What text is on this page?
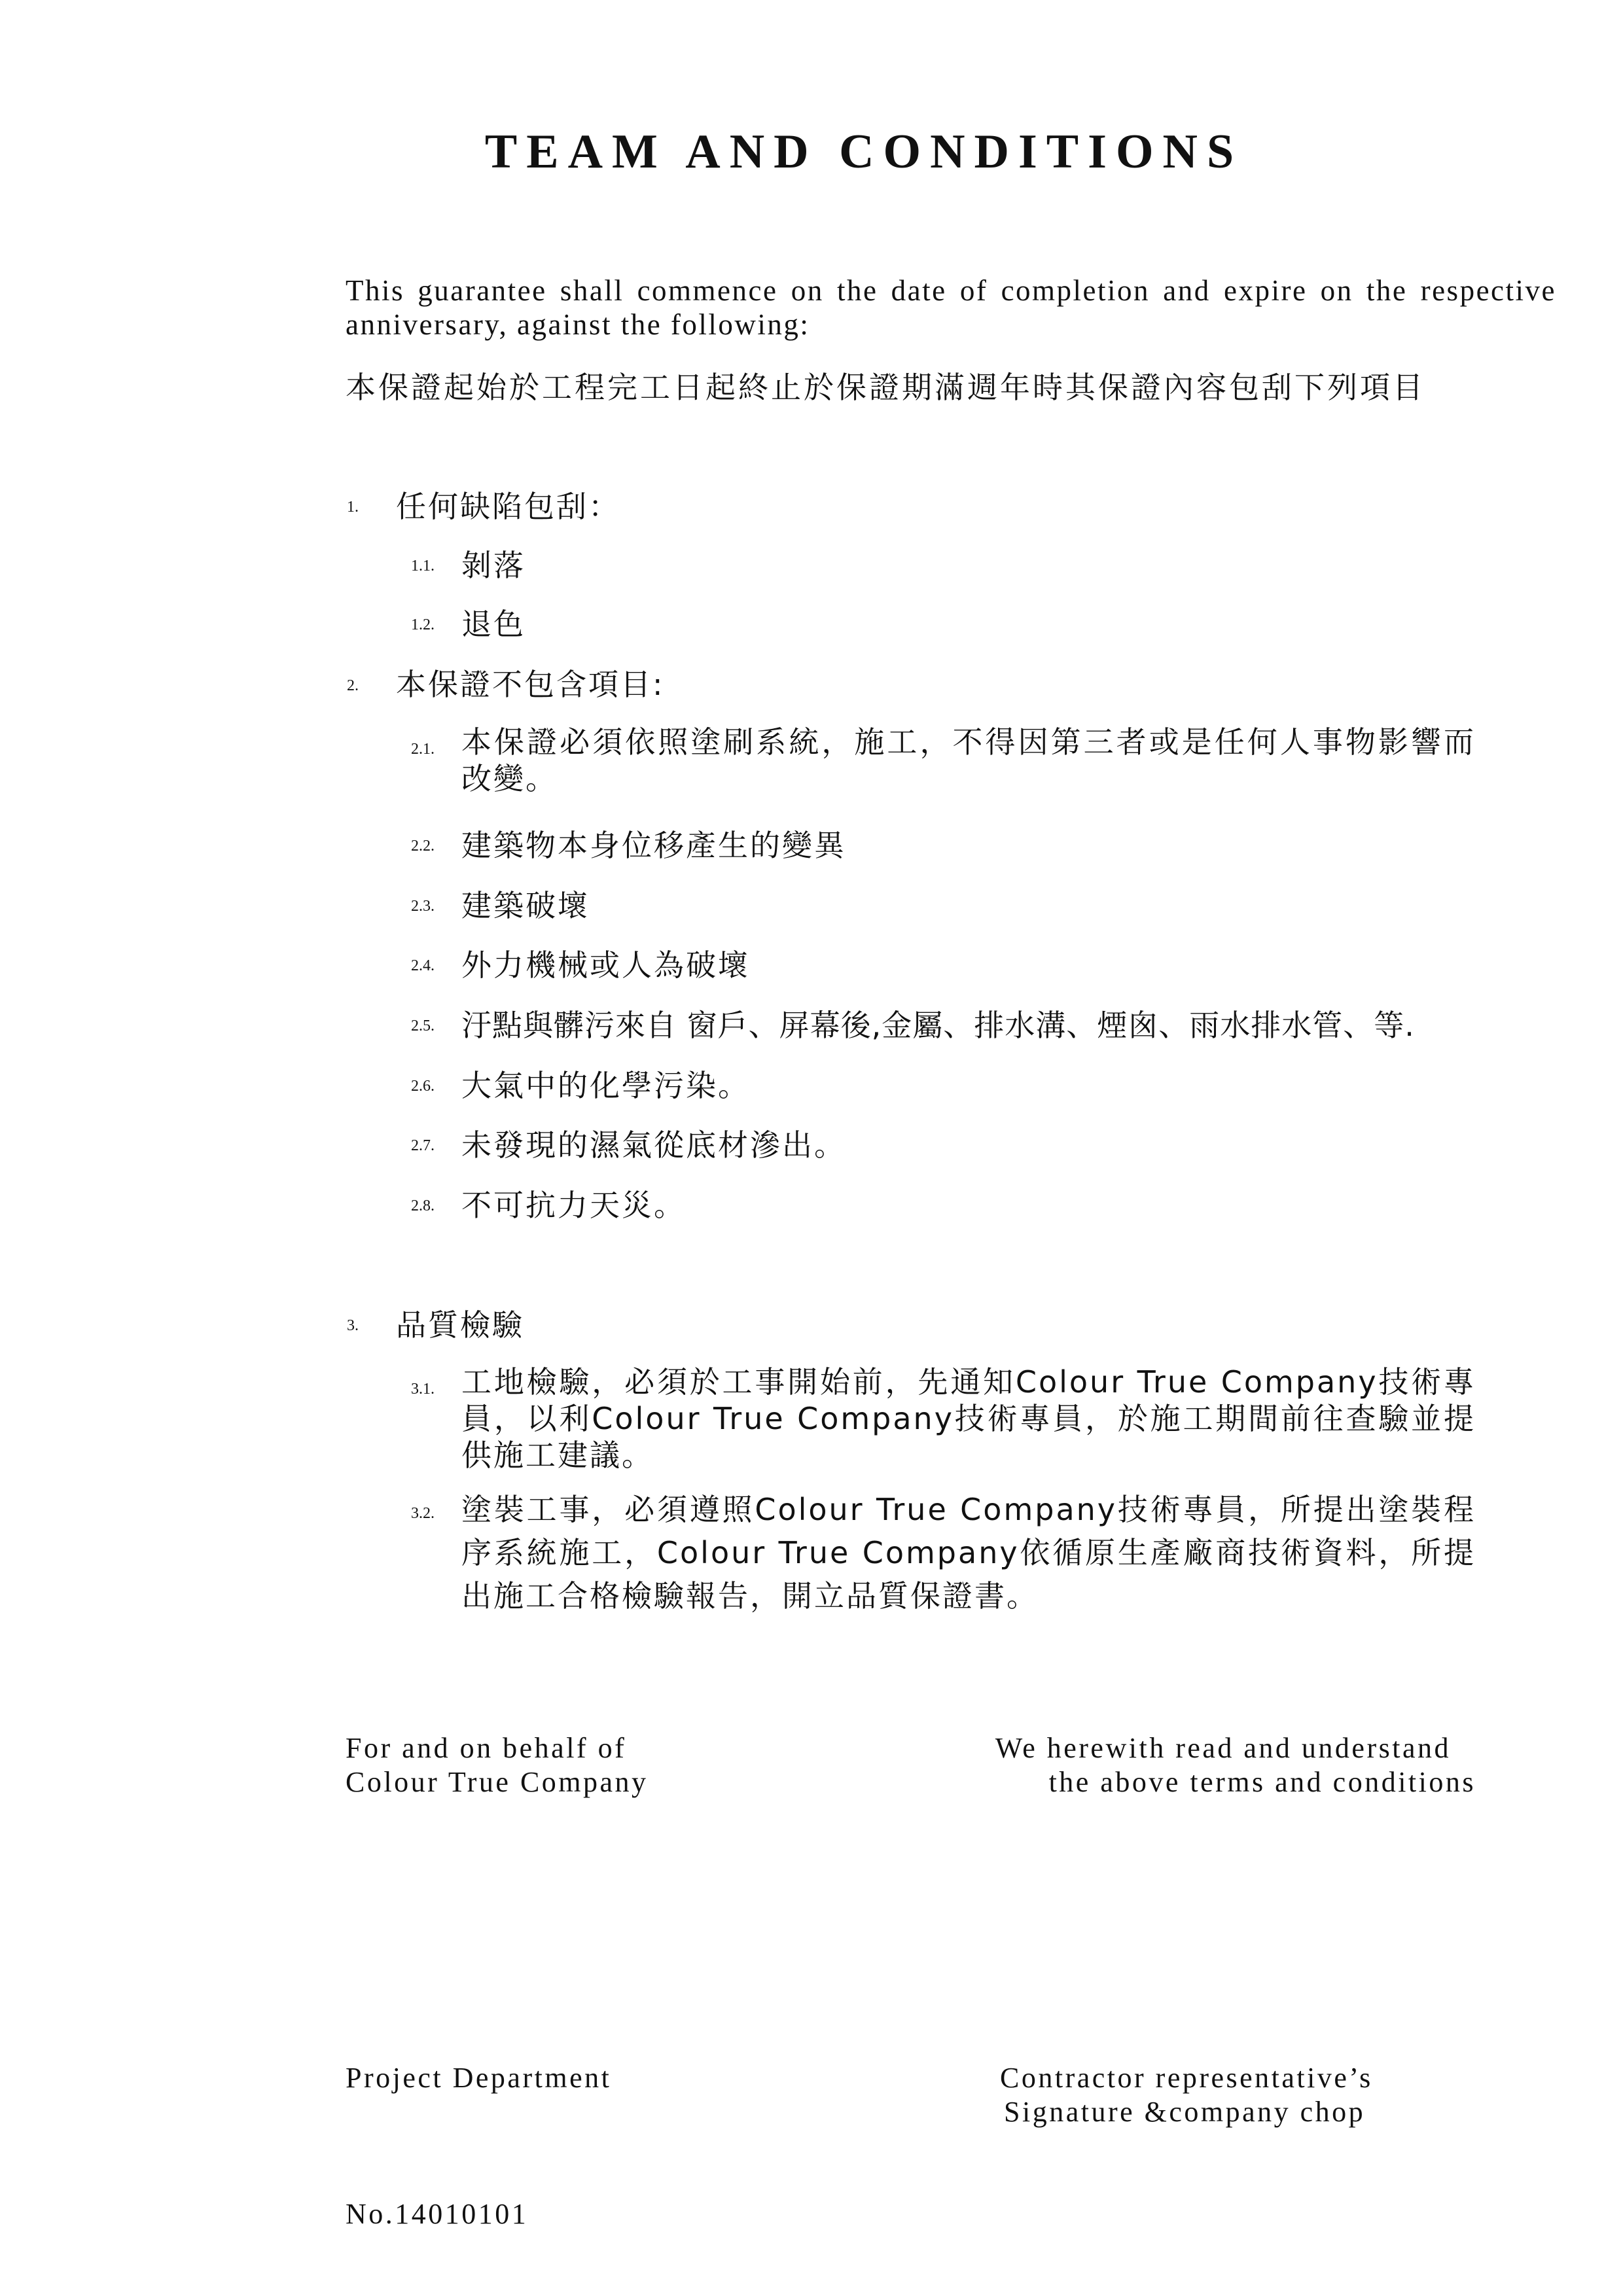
TEAM AND CONDITIONS
This guarantee shall commence on the date of completion and expire on the respective anniversary, against the following:
本保證起始於工程完工日起終止於保證期滿週年時其保證內容包刮下列項目
1. 任何缺陷包刮：
1.1. 剝落
1.2. 退色
2. 本保證不包含項目:
2.1. 本保證必須依照塗刷系統，施工，不得因第三者或是任何人事物影響而改變。
2.2. 建築物本身位移產生的變異
2.3. 建築破壞
2.4. 外力機械或人為破壞
2.5. 汙點與髒污來自 窗戶、屏幕後,金屬、排水溝、煙囪、雨水排水管、等.
2.6. 大氣中的化學污染。
2.7. 未發現的濕氣從底材滲出。
2.8. 不可抗力天災。
3. 品質檢驗
3.1. 工地檢驗，必須於工事開始前，先通知Colour True Company技術專員，以利Colour True Company技術專員，於施工期間前往查驗並提供施工建議。
3.2. 塗裝工事，必須遵照Colour True Company技術專員，所提出塗裝程序系統施工，Colour True Company依循原生產廠商技術資料，所提出施工合格檢驗報告，開立品質保證書。
For and on behalf of
Colour True Company
We herewith read and understand
the above terms and conditions
Project Department	Contractor representative’s
Signature &company chop
No.14010101
